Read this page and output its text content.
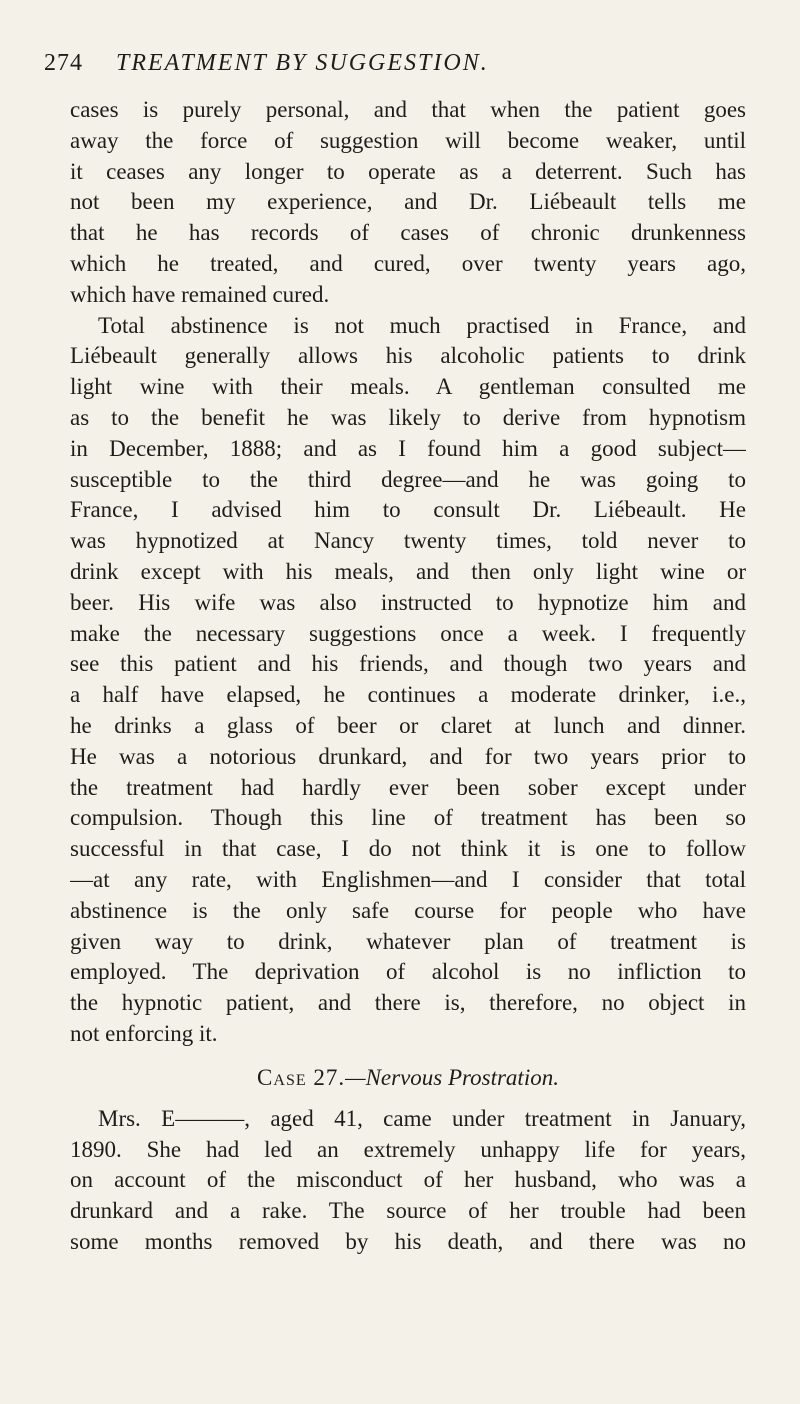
274 TREATMENT BY SUGGESTION.
cases is purely personal, and that when the patient goes
away the force of suggestion will become weaker, until
it ceases any longer to operate as a deterrent. Such has
not been my experience, and Dr. Liébeault tells me
that he has records of cases of chronic drunkenness
which he treated, and cured, over twenty years ago,
which have remained cured.
Total abstinence is not much practised in France, and
Liébeault generally allows his alcoholic patients to drink
light wine with their meals. A gentleman consulted me
as to the benefit he was likely to derive from hypnotism
in December, 1888; and as I found him a good subject—
susceptible to the third degree—and he was going to
France, I advised him to consult Dr. Liébeault. He
was hypnotized at Nancy twenty times, told never to
drink except with his meals, and then only light wine or
beer. His wife was also instructed to hypnotize him and
make the necessary suggestions once a week. I frequently
see this patient and his friends, and though two years and
a half have elapsed, he continues a moderate drinker, i.e.,
he drinks a glass of beer or claret at lunch and dinner.
He was a notorious drunkard, and for two years prior to
the treatment had hardly ever been sober except under
compulsion. Though this line of treatment has been so
successful in that case, I do not think it is one to follow
—at any rate, with Englishmen—and I consider that total
abstinence is the only safe course for people who have
given way to drink, whatever plan of treatment is
employed. The deprivation of alcohol is no infliction to
the hypnotic patient, and there is, therefore, no object in
not enforcing it.
Case 27.—Nervous Prostration.
Mrs. E———, aged 41, came under treatment in January,
1890. She had led an extremely unhappy life for years,
on account of the misconduct of her husband, who was a
drunkard and a rake. The source of her trouble had been
some months removed by his death, and there was no
